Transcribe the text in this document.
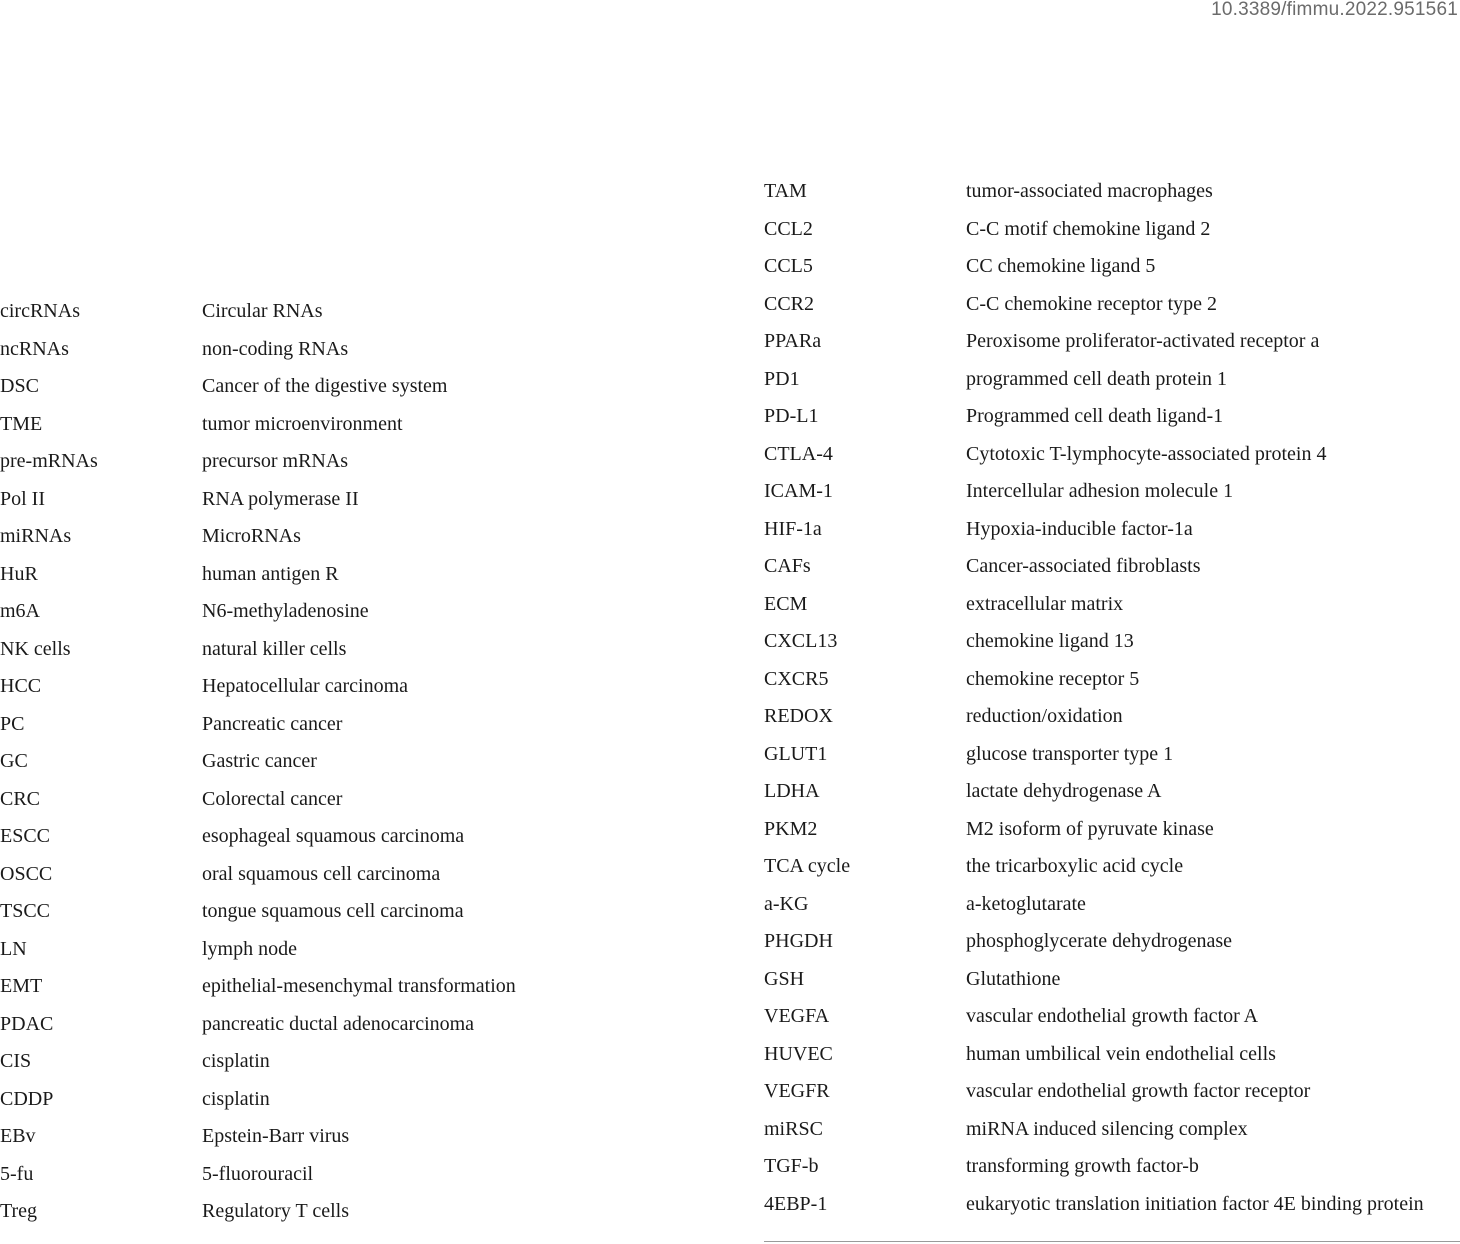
10.3389/fimmu.2022.951561
circRNAs	Circular RNAs
ncRNAs	non-coding RNAs
DSC	Cancer of the digestive system
TME	tumor microenvironment
pre-mRNAs	precursor mRNAs
Pol II	RNA polymerase II
miRNAs	MicroRNAs
HuR	human antigen R
m6A	N6-methyladenosine
NK cells	natural killer cells
HCC	Hepatocellular carcinoma
PC	Pancreatic cancer
GC	Gastric cancer
CRC	Colorectal cancer
ESCC	esophageal squamous carcinoma
OSCC	oral squamous cell carcinoma
TSCC	tongue squamous cell carcinoma
LN	lymph node
EMT	epithelial-mesenchymal transformation
PDAC	pancreatic ductal adenocarcinoma
CIS	cisplatin
CDDP	cisplatin
EBv	Epstein-Barr virus
5-fu	5-fluorouracil
Treg	Regulatory T cells
TAM	tumor-associated macrophages
CCL2	C-C motif chemokine ligand 2
CCL5	CC chemokine ligand 5
CCR2	C-C chemokine receptor type 2
PPARa	Peroxisome proliferator-activated receptor a
PD1	programmed cell death protein 1
PD-L1	Programmed cell death ligand-1
CTLA-4	Cytotoxic T-lymphocyte-associated protein 4
ICAM-1	Intercellular adhesion molecule 1
HIF-1a	Hypoxia-inducible factor-1a
CAFs	Cancer-associated fibroblasts
ECM	extracellular matrix
CXCL13	chemokine ligand 13
CXCR5	chemokine receptor 5
REDOX	reduction/oxidation
GLUT1	glucose transporter type 1
LDHA	lactate dehydrogenase A
PKM2	M2 isoform of pyruvate kinase
TCA cycle	the tricarboxylic acid cycle
a-KG	a-ketoglutarate
PHGDH	phosphoglycerate dehydrogenase
GSH	Glutathione
VEGFA	vascular endothelial growth factor A
HUVEC	human umbilical vein endothelial cells
VEGFR	vascular endothelial growth factor receptor
miRSC	miRNA induced silencing complex
TGF-b	transforming growth factor-b
4EBP-1	eukaryotic translation initiation factor 4E binding protein
